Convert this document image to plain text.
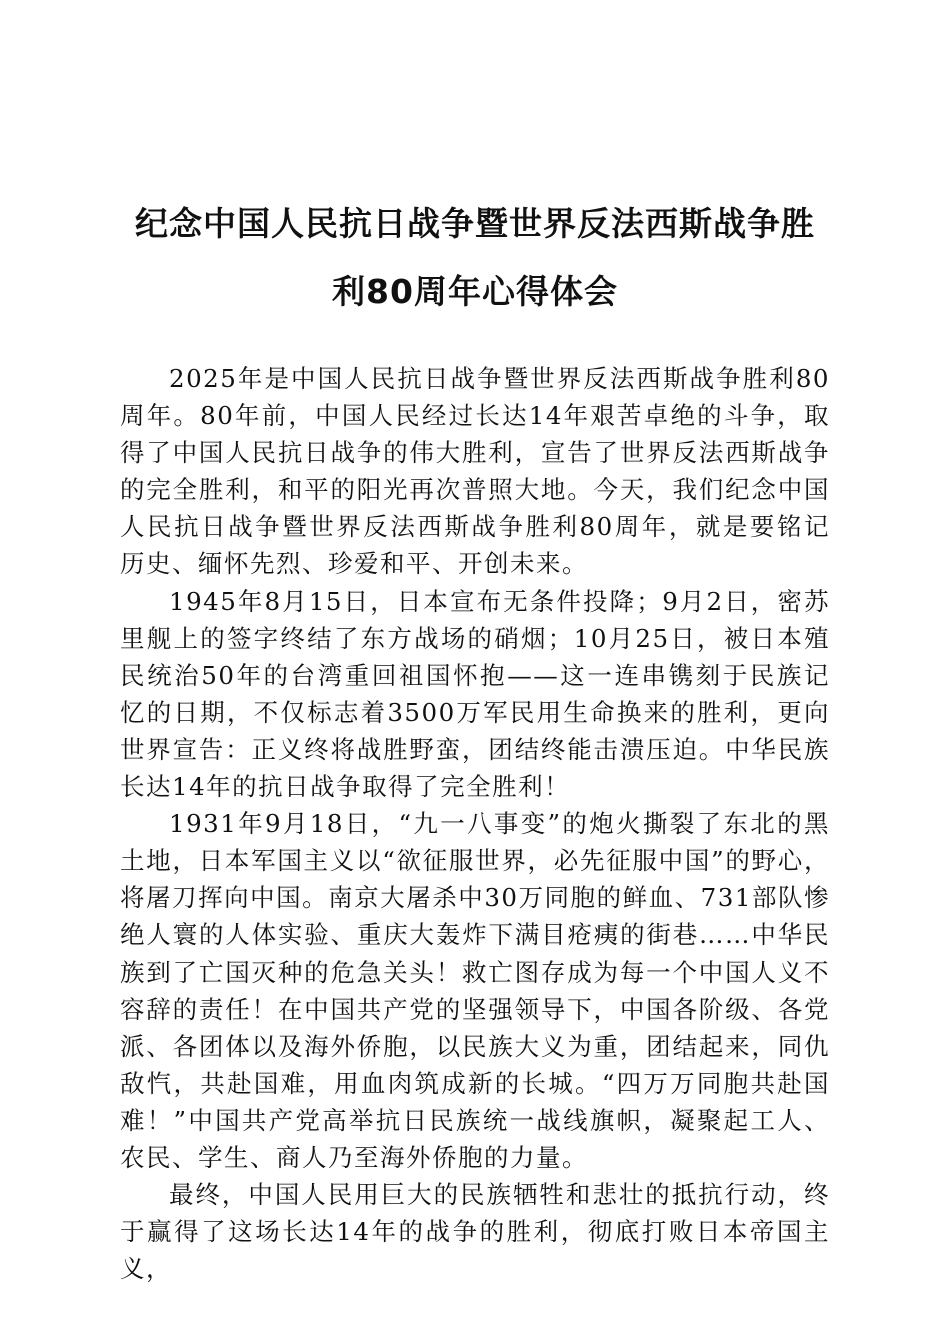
纪念中国人民抗日战争暨世界反法西斯战争胜
利80周年心得体会

2025年是中国人民抗日战争暨世界反法西斯战争胜利80周年。80年前，中国人民经过长达14年艰苦卓绝的斗争，取得了中国人民抗日战争的伟大胜利，宣告了世界反法西斯战争的完全胜利，和平的阳光再次普照大地。今天，我们纪念中国人民抗日战争暨世界反法西斯战争胜利80周年，就是要铭记历史、缅怀先烈、珍爱和平、开创未来。

1945年8月15日，日本宣布无条件投降；9月2日，密苏里舰上的签字终结了东方战场的硝烟；10月25日，被日本殖民统治50年的台湾重回祖国怀抱——这一连串镌刻于民族记忆的日期，不仅标志着3500万军民用生命换来的胜利，更向世界宣告：正义终将战胜野蛮，团结终能击溃压迫。中华民族长达14年的抗日战争取得了完全胜利！

1931年9月18日，“九一八事变”的炮火撕裂了东北的黑土地，日本军国主义以“欲征服世界，必先征服中国”的野心，将屠刀挥向中国。南京大屠杀中30万同胞的鲜血、731部队惨绝人寰的人体实验、重庆大轰炸下满目疮痍的街巷……中华民族到了亡国灭种的危急关头！救亡图存成为每一个中国人义不容辞的责任！在中国共产党的坚强领导下，中国各阶级、各党派、各团体以及海外侨胞，以民族大义为重，团结起来，同仇敌忾，共赴国难，用血肉筑成新的长城。“四万万同胞共赴国难！”中国共产党高举抗日民族统一战线旗帜，凝聚起工人、农民、学生、商人乃至海外侨胞的力量。

最终，中国人民用巨大的民族牺牲和悲壮的抵抗行动，终于赢得了这场长达14年的战争的胜利，彻底打败日本帝国主义，
